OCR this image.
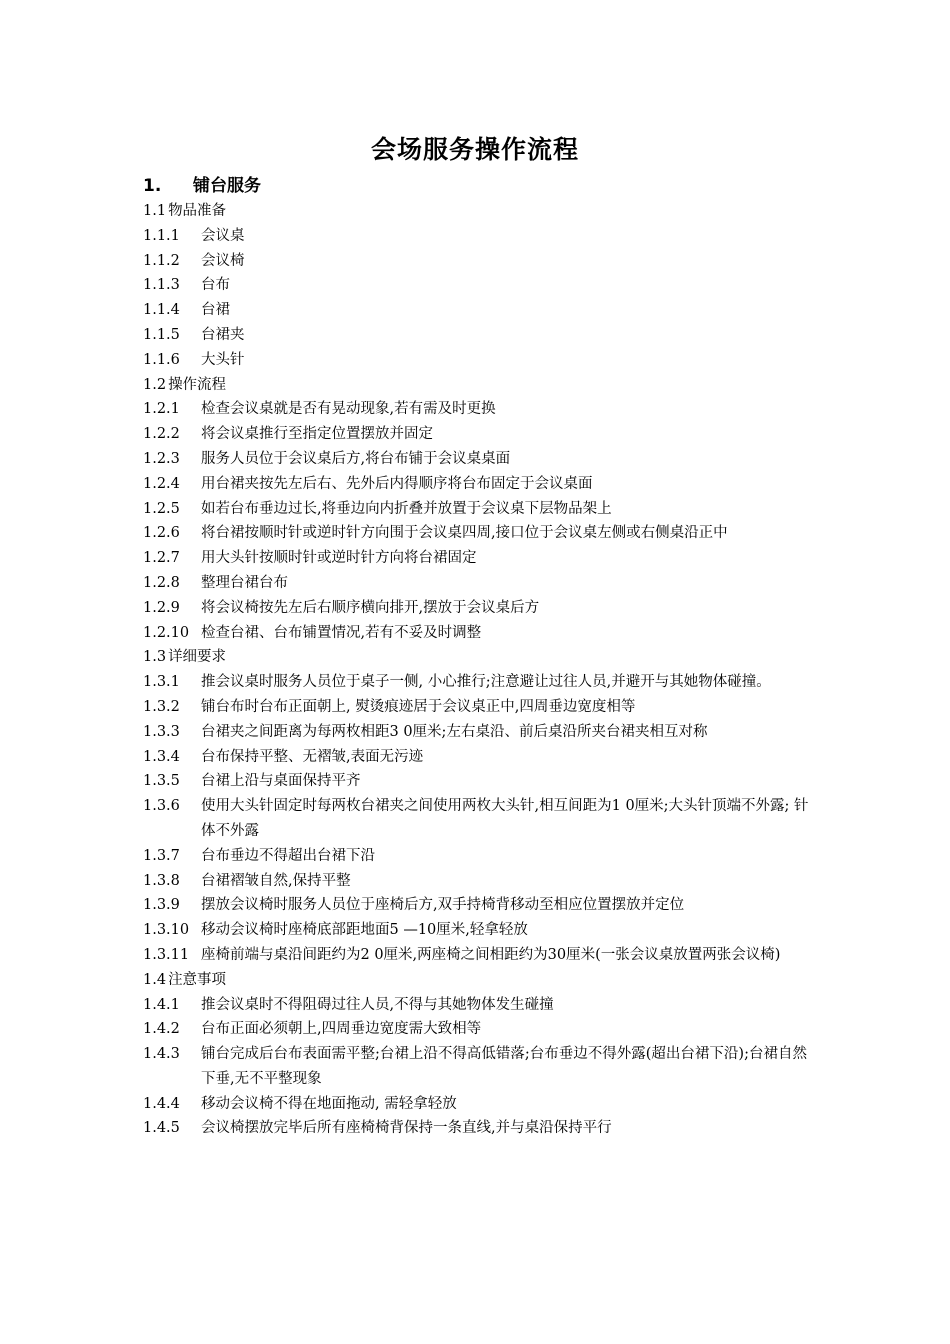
会场服务操作流程
1. 铺台服务
1.1 物品准备
1.1.1	会议桌
1.1.2	会议椅
1.1.3	台布
1.1.4	台裙
1.1.5	台裙夹
1.1.6	大头针
1.2 操作流程
1.2.1	检查会议桌就是否有晃动现象,若有需及时更换
1.2.2	将会议桌推行至指定位置摆放并固定
1.2.3	服务人员位于会议桌后方,将台布铺于会议桌桌面
1.2.4	用台裙夹按先左后右、先外后内得顺序将台布固定于会议桌面
1.2.5	如若台布垂边过长,将垂边向内折叠并放置于会议桌下层物品架上
1.2.6	将台裙按顺时针或逆时针方向围于会议桌四周,接口位于会议桌左侧或右侧桌沿正中
1.2.7	用大头针按顺时针或逆时针方向将台裙固定
1.2.8	整理台裙台布
1.2.9	将会议椅按先左后右顺序横向排开,摆放于会议桌后方
1.2.10 检查台裙、台布铺置情况,若有不妥及时调整
1.3 详细要求
1.3.1	推会议桌时服务人员位于桌子一侧, 小心推行;注意避让过往人员,并避开与其她物体碰撞。
1.3.2	铺台布时台布正面朝上, 熨烫痕迹居于会议桌正中,四周垂边宽度相等
1.3.3	台裙夹之间距离为每两枚相距3 0厘米;左右桌沿、前后桌沿所夹台裙夹相互对称
1.3.4	台布保持平整、无褶皱,表面无污迹
1.3.5	台裙上沿与桌面保持平齐
1.3.6	使用大头针固定时每两枚台裙夹之间使用两枚大头针,相互间距为1 0厘米;大头针顶端不外露; 针体不外露
1.3.7	台布垂边不得超出台裙下沿
1.3.8	台裙褶皱自然,保持平整
1.3.9	摆放会议椅时服务人员位于座椅后方,双手持椅背移动至相应位置摆放并定位
1.3.10 移动会议椅时座椅底部距地面5 —10厘米,轻拿轻放
1.3.11 座椅前端与桌沿间距约为2 0厘米,两座椅之间相距约为30厘米(一张会议桌放置两张会议椅)
1.4 注意事项
1.4.1	推会议桌时不得阻碍过往人员,不得与其她物体发生碰撞
1.4.2	台布正面必须朝上,四周垂边宽度需大致相等
1.4.3	铺台完成后台布表面需平整;台裙上沿不得高低错落;台布垂边不得外露(超出台裙下沿);台裙自然下垂,无不平整现象
1.4.4	移动会议椅不得在地面拖动, 需轻拿轻放
1.4.5	会议椅摆放完毕后所有座椅椅背保持一条直线,并与桌沿保持平行
